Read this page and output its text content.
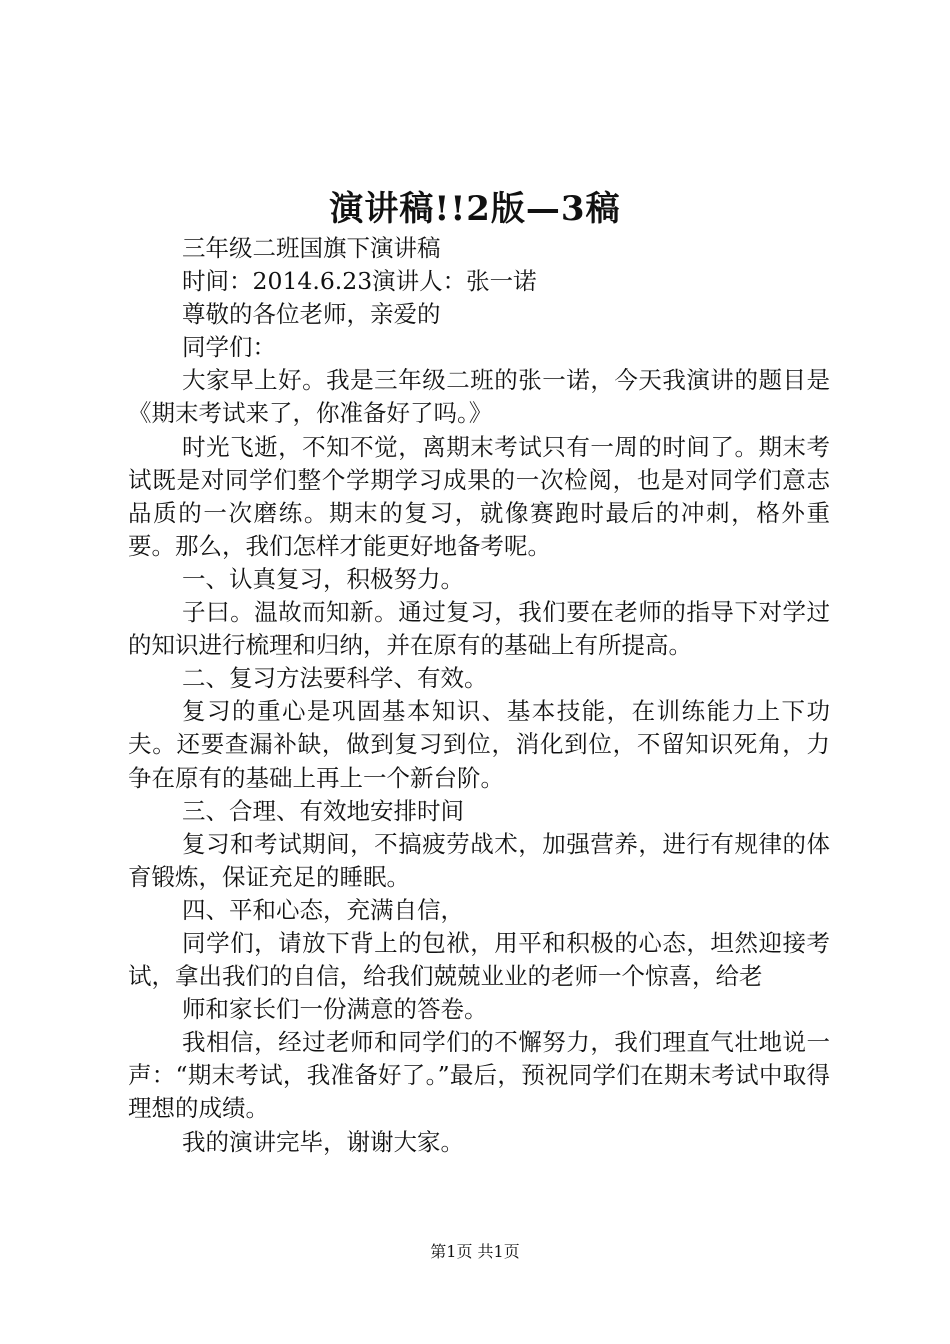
演讲稿!!2版—3稿

三年级二班国旗下演讲稿

时间：2014.6.23演讲人：张一诺

尊敬的各位老师，亲爱的

同学们：

大家早上好。我是三年级二班的张一诺，今天我演讲的题目是《期末考试来了，你准备好了吗。》

时光飞逝，不知不觉，离期末考试只有一周的时间了。期末考试既是对同学们整个学期学习成果的一次检阅，也是对同学们意志品质的一次磨练。期末的复习，就像赛跑时最后的冲刺，格外重要。那么，我们怎样才能更好地备考呢。

一、认真复习，积极努力。

子曰。温故而知新。通过复习，我们要在老师的指导下对学过的知识进行梳理和归纳，并在原有的基础上有所提高。

二、复习方法要科学、有效。

复习的重心是巩固基本知识、基本技能，在训练能力上下功夫。还要查漏补缺，做到复习到位，消化到位，不留知识死角，力争在原有的基础上再上一个新台阶。

三、合理、有效地安排时间

复习和考试期间，不搞疲劳战术，加强营养，进行有规律的体育锻炼，保证充足的睡眠。

四、平和心态，充满自信，

同学们，请放下背上的包袱，用平和积极的心态，坦然迎接考试，拿出我们的自信，给我们兢兢业业的老师一个惊喜，给老

师和家长们一份满意的答卷。

我相信，经过老师和同学们的不懈努力，我们理直气壮地说一声：“期末考试，我准备好了。”最后，预祝同学们在期末考试中取得理想的成绩。

我的演讲完毕，谢谢大家。

第1页 共1页
